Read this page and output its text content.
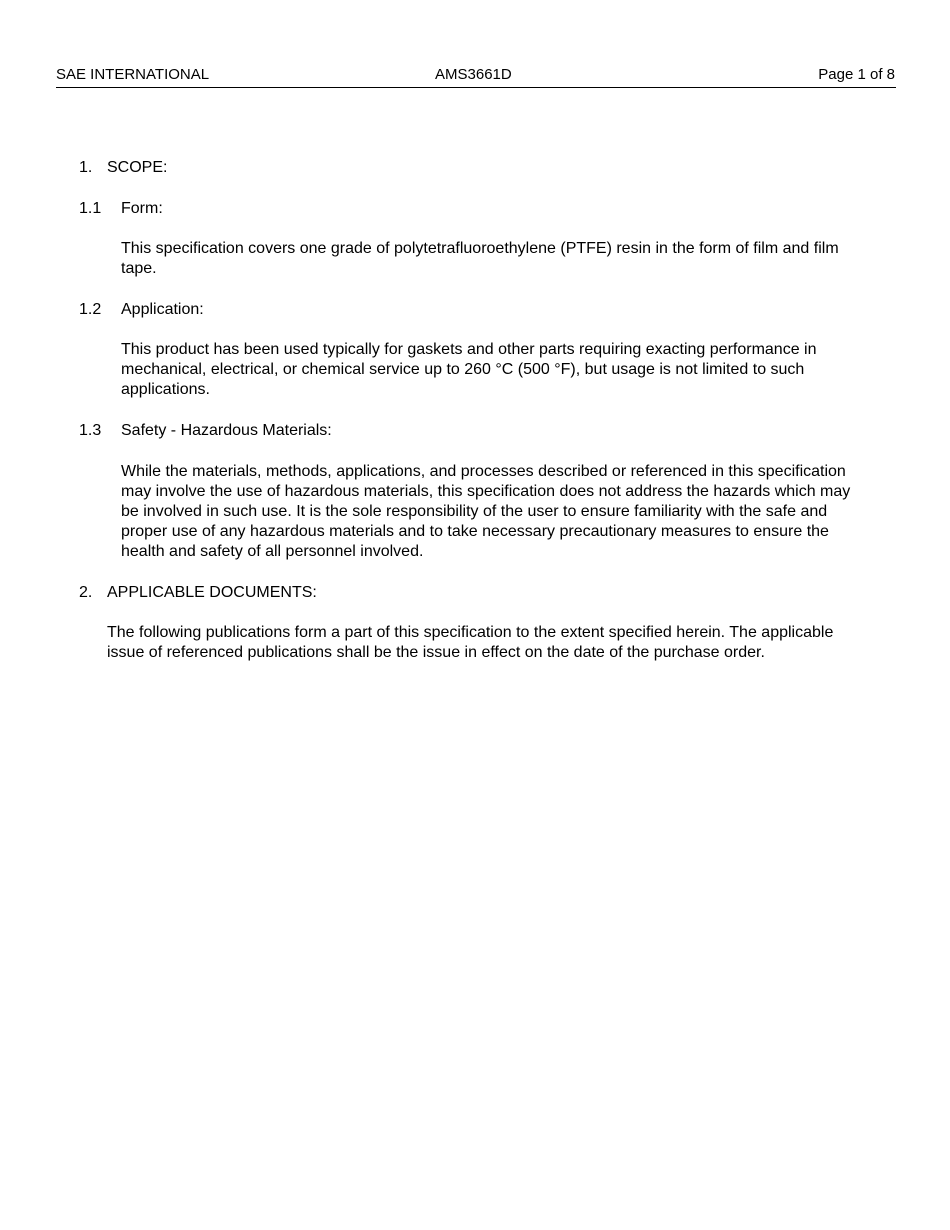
SAE INTERNATIONAL	AMS3661D	Page 1 of 8
1. SCOPE:
1.1 Form:
This specification covers one grade of polytetrafluoroethylene (PTFE) resin in the form of film and film tape.
1.2 Application:
This product has been used typically for gaskets and other parts requiring exacting performance in mechanical, electrical, or chemical service up to 260 °C (500 °F), but usage is not limited to such applications.
1.3 Safety - Hazardous Materials:
While the materials, methods, applications, and processes described or referenced in this specification may involve the use of hazardous materials, this specification does not address the hazards which may be involved in such use. It is the sole responsibility of the user to ensure familiarity with the safe and proper use of any hazardous materials and to take necessary precautionary measures to ensure the health and safety of all personnel involved.
2. APPLICABLE DOCUMENTS:
The following publications form a part of this specification to the extent specified herein. The applicable issue of referenced publications shall be the issue in effect on the date of the purchase order.
